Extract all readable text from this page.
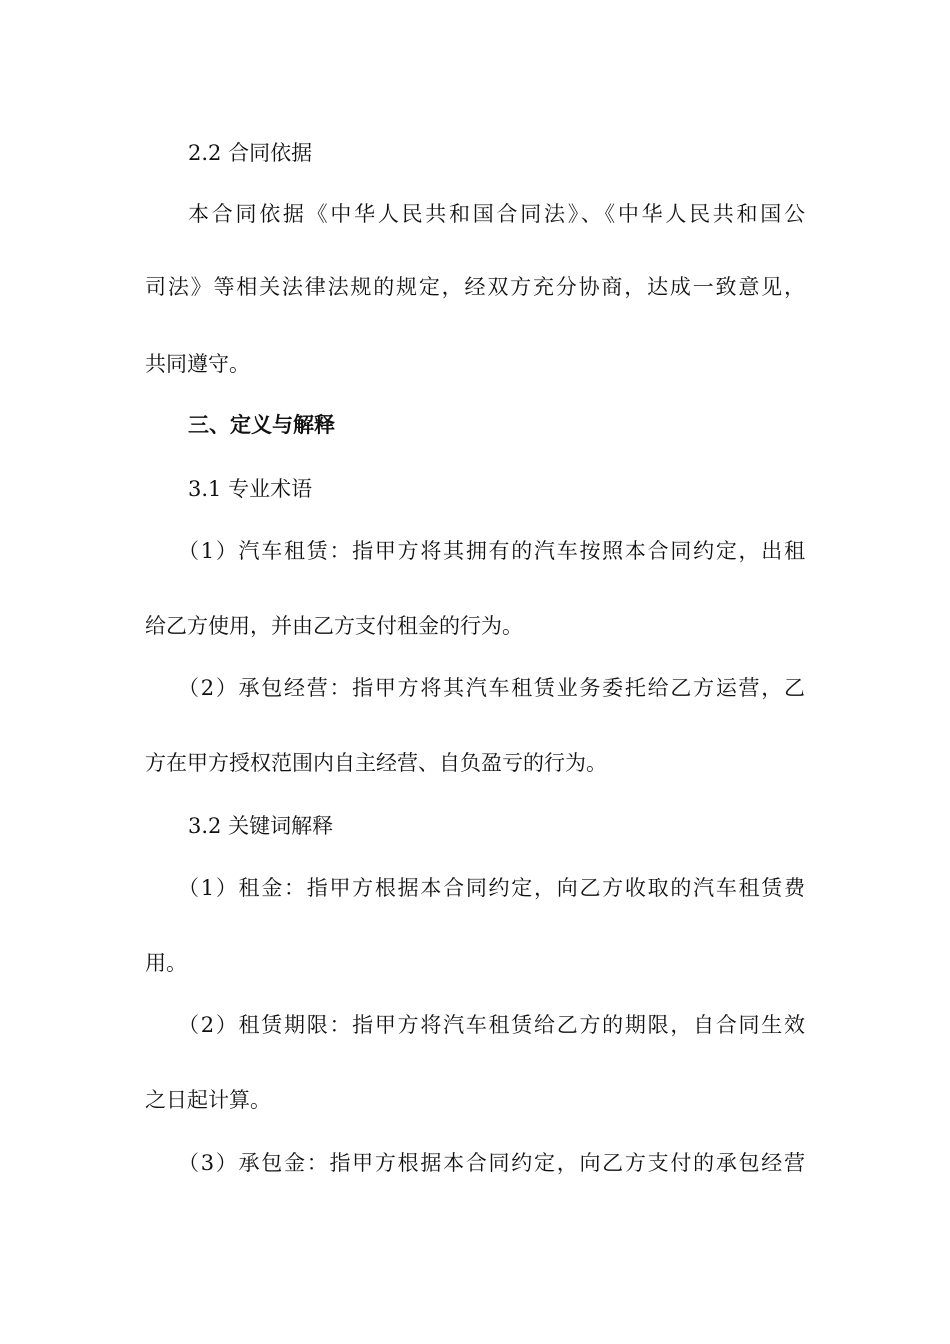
2.2 合同依据
本合同依据《中华人民共和国合同法》、《中华人民共和国公
司法》等相关法律法规的规定，经双方充分协商，达成一致意见，
共同遵守。
三、定义与解释
3.1 专业术语
（1）汽车租赁：指甲方将其拥有的汽车按照本合同约定，出租
给乙方使用，并由乙方支付租金的行为。
（2）承包经营：指甲方将其汽车租赁业务委托给乙方运营，乙
方在甲方授权范围内自主经营、自负盈亏的行为。
3.2 关键词解释
（1）租金：指甲方根据本合同约定，向乙方收取的汽车租赁费
用。
（2）租赁期限：指甲方将汽车租赁给乙方的期限，自合同生效
之日起计算。
（3）承包金：指甲方根据本合同约定，向乙方支付的承包经营
